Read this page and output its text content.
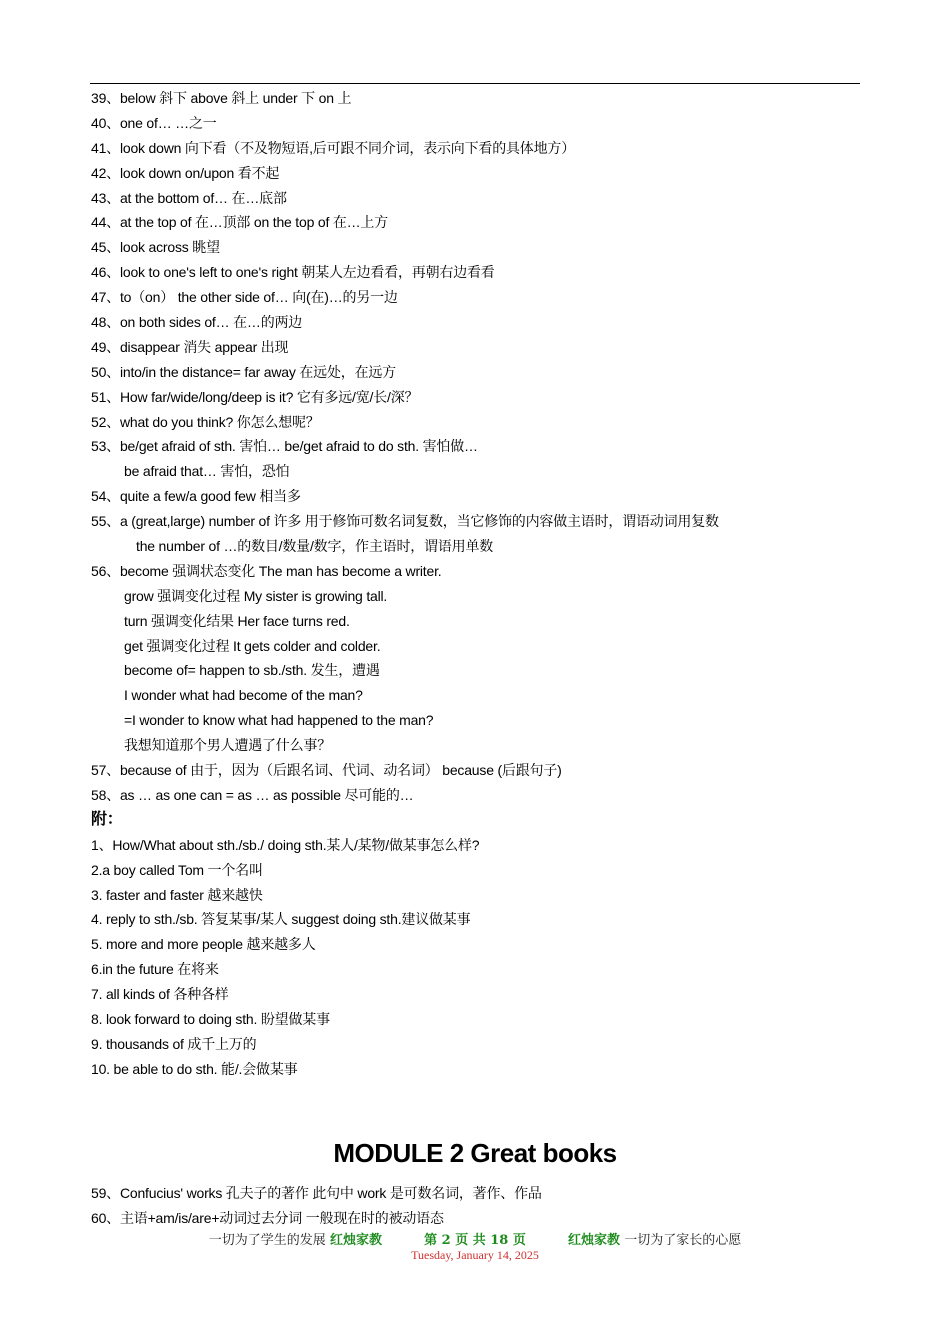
39、below 斜下 above 斜上 under 下 on 上
40、one of… …之一
41、look down 向下看（不及物短语,后可跟不同介词，表示向下看的具体地方）
42、look down on/upon 看不起
43、at the bottom of… 在…底部
44、at the top of 在…顶部 on the top of 在…上方
45、look across 眺望
46、look to one's left to one's right 朝某人左边看看，再朝右边看看
47、to（on） the other side of… 向(在)…的另一边
48、on both sides of… 在…的两边
49、disappear 消失 appear 出现
50、into/in the distance= far away 在远处，在远方
51、How far/wide/long/deep is it? 它有多远/宽/长/深？
52、what do you think? 你怎么想呢？
53、be/get afraid of sth. 害怕… be/get afraid to do sth. 害怕做…
be afraid that… 害怕，恐怕
54、quite a few/a good few 相当多
55、a (great,large) number of 许多 用于修饰可数名词复数，当它修饰的内容做主语时，谓语动词用复数
the number of …的数目/数量/数字，作主语时，谓语用单数
56、become 强调状态变化 The man has become a writer.
grow 强调变化过程 My sister is growing tall.
turn 强调变化结果 Her face turns red.
get 强调变化过程 It gets colder and colder.
become of= happen to sb./sth. 发生，遭遇
I wonder what had become of the man?
=I wonder to know what had happened to the man?
我想知道那个男人遭遇了什么事？
57、because of 由于，因为（后跟名词、代词、动名词） because (后跟句子)
58、as … as one can = as … as possible 尽可能的…
附：
1、How/What about sth./sb./ doing sth.某人/某物/做某事怎么样?
2.a boy called Tom 一个名叫
3. faster and faster 越来越快
4. reply to sth./sb. 答复某事/某人 suggest doing sth.建议做某事
5. more and more people 越来越多人
6.in the future 在将来
7. all kinds of 各种各样
8. look forward to doing sth. 盼望做某事
9. thousands of 成千上万的
10. be able to do sth. 能/.会做某事
MODULE 2 Great books
59、Confucius' works 孔夫子的著作 此句中 work 是可数名词，著作、作品
60、主语+am/is/are+动词过去分词 一般现在时的被动语态
一切为了学生的发展 红烛家教	第 2 页 共 18 页	红烛家教 一切为了家长的心愿
Tuesday, January 14, 2025
